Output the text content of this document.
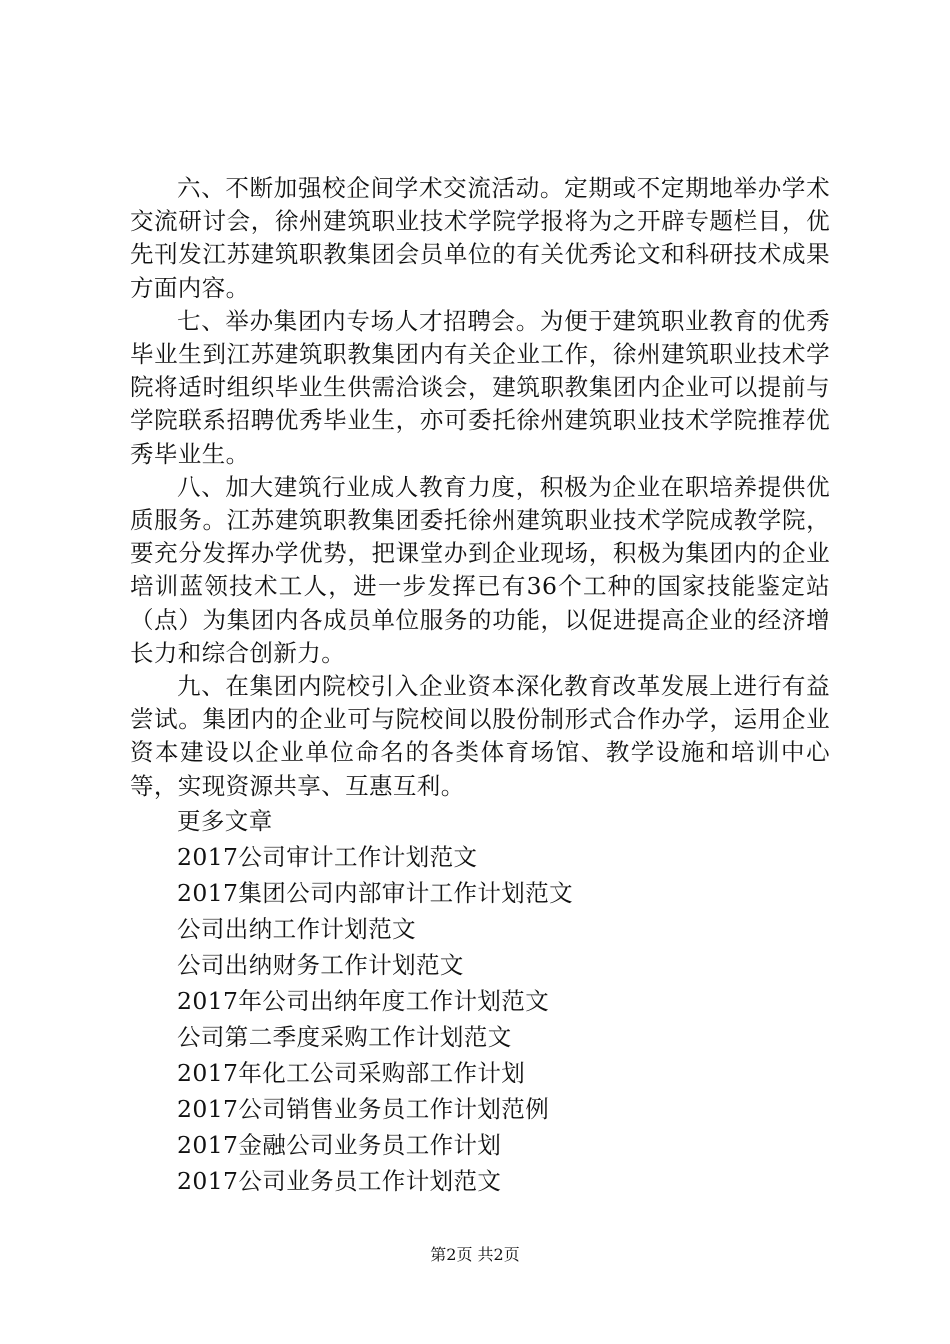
六、不断加强校企间学术交流活动。定期或不定期地举办学术交流研讨会，徐州建筑职业技术学院学报将为之开辟专题栏目，优先刊发江苏建筑职教集团会员单位的有关优秀论文和科研技术成果方面内容。

七、举办集团内专场人才招聘会。为便于建筑职业教育的优秀毕业生到江苏建筑职教集团内有关企业工作，徐州建筑职业技术学院将适时组织毕业生供需洽谈会，建筑职教集团内企业可以提前与学院联系招聘优秀毕业生，亦可委托徐州建筑职业技术学院推荐优秀毕业生。

八、加大建筑行业成人教育力度，积极为企业在职培养提供优质服务。江苏建筑职教集团委托徐州建筑职业技术学院成教学院，要充分发挥办学优势，把课堂办到企业现场，积极为集团内的企业培训蓝领技术工人，进一步发挥已有36个工种的国家技能鉴定站（点）为集团内各成员单位服务的功能，以促进提高企业的经济增长力和综合创新力。

九、在集团内院校引入企业资本深化教育改革发展上进行有益尝试。集团内的企业可与院校间以股份制形式合作办学，运用企业资本建设以企业单位命名的各类体育场馆、教学设施和培训中心等，实现资源共享、互惠互利。

更多文章
2017公司审计工作计划范文
2017集团公司内部审计工作计划范文
公司出纳工作计划范文
公司出纳财务工作计划范文
2017年公司出纳年度工作计划范文
公司第二季度采购工作计划范文
2017年化工公司采购部工作计划
2017公司销售业务员工作计划范例
2017金融公司业务员工作计划
2017公司业务员工作计划范文
第2页 共2页
